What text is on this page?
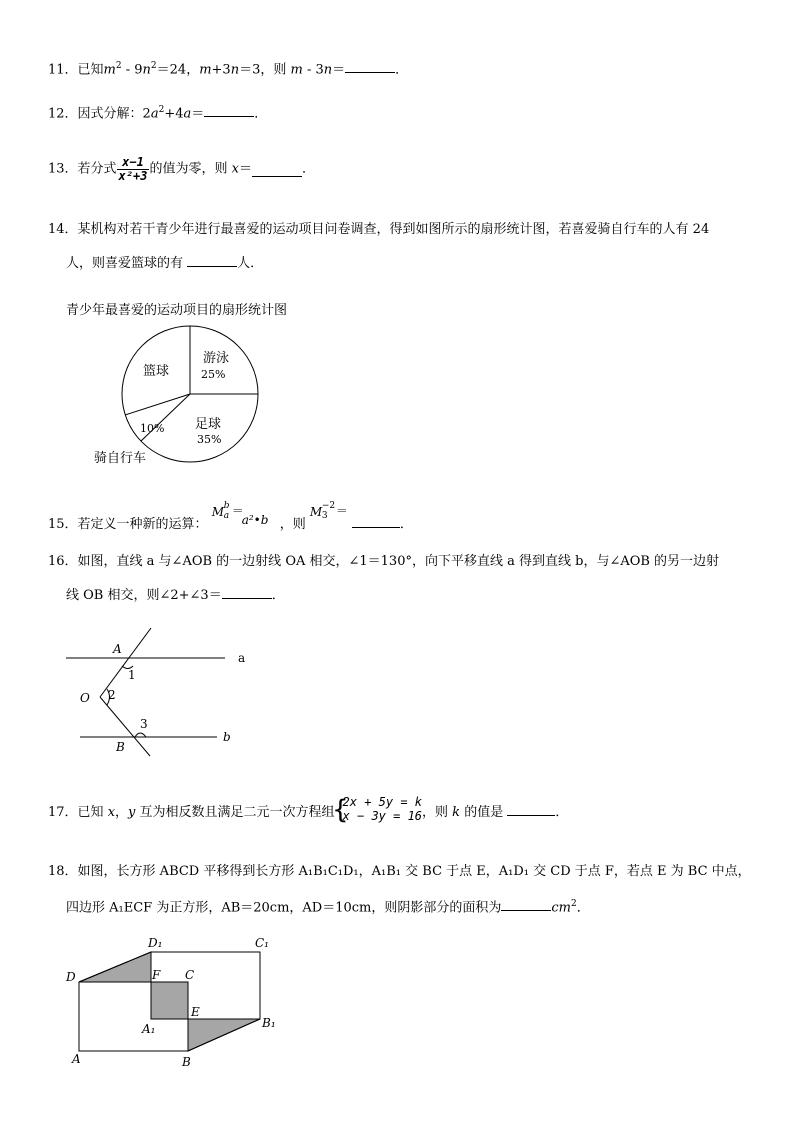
11．已知$m^2 - 9n^2=24$，m+3n＝3，则 m - 3n＝	．
12．因式分解：$2a^2+4a=$	．
13．若分式 $\frac{x-1}{\text{x²+3}}$ 的值为零，则 x＝	．
14．某机构对若干青少年进行最喜爱的运动项目问卷调查，得到如图所示的扇形统计图，若喜爱骑自行车的人有 24
人，则喜爱篮球的有	人．
青少年最喜爱的运动项目的扇形统计图
篮球
游泳
25%
足球
35%
10%
骑自行车
15．若定义一种新的运算：
M b
a ＝
a²•b ，则
M −2
3 ＝
．
16．如图，直线 a 与∠AOB 的一边射线 OA 相交，∠1＝130°，向下平移直线 a 得到直线 b，与∠AOB 的另一边射
线 OB 相交，则∠2+∠3＝	．
A
a
1
O 2
3
B
b
17．已知 x，y 互为相反数且满足二元一次方程组
{ 2x + 5y = k
x − 3y = 16 ，则 k 的值是	．
18．如图，长方形 ABCD 平移得到长方形 A₁B₁C₁D₁，A₁B₁ 交 BC 于点 E，A₁D₁ 交 CD 于点 F，若点 E 为 BC 中点，
四边形 A₁ECF 为正方形，AB＝20cm，AD＝10cm，则阴影部分的面积为	$cm^2$．
D₁	C₁
D	F C
E
B₁
A₁
A	B
